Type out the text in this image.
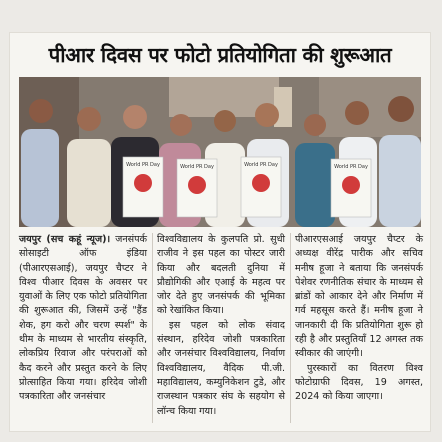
पीआर दिवस पर फोटो प्रतियोगिता की शुरूआत
World PR Day	World PR Day	World PR Day	World PR Day

जयपुर (सच कहूं न्यूज)। जनसंपर्क सोसाइटी ऑफ इंडिया (पीआरएसआई), जयपुर चैप्टर ने विश्व पीआर दिवस के अवसर पर युवाओं के लिए एक फोटो प्रतियोगिता की शुरूआत की, जिसमें उन्हें "हैंड शेक, हग करो और चरण स्पर्श" के थीम के माध्यम से भारतीय संस्कृति, लोकप्रिय रिवाज और परंपराओं को कैद करने और प्रस्तुत करने के लिए प्रोत्साहित किया गया। हरिदेव जोशी पत्रकारिता और जनसंचार

विश्वविद्यालय के कुलपति प्रो. सुधी राजीव ने इस पहल का पोस्टर जारी किया और बदलती दुनिया में प्रौद्योगिकी और एआई के महत्व पर जोर देते हुए जनसंपर्क की भूमिका को रेखांकित किया।

इस पहल को लोक संवाद संस्थान, हरिदेव जोशी पत्रकारिता और जनसंचार विश्वविद्यालय, निर्वाण विश्वविद्यालय, वैदिक पी.जी. महाविद्यालय, कम्युनिकेशन टुडे, और राजस्थान पत्रकार संघ के सहयोग से लॉन्च किया गया।

पीआरएसआई जयपुर चैप्टर के अध्यक्ष वीरेंद्र पारीक और सचिव मनीष हूजा ने बताया कि जनसंपर्क पेशेवर रणनीतिक संचार के माध्यम से ब्रांडों को आकार देने और निर्माण में गर्व महसूस करते हैं। मनीष हूजा ने जानकारी दी कि प्रतियोगिता शुरू हो रही है और प्रस्तुतियाँ 12 अगस्त तक स्वीकार की जाएंगी।

पुरस्कारों का वितरण विश्व फोटोग्राफी दिवस, 19 अगस्त, 2024 को किया जाएगा।
